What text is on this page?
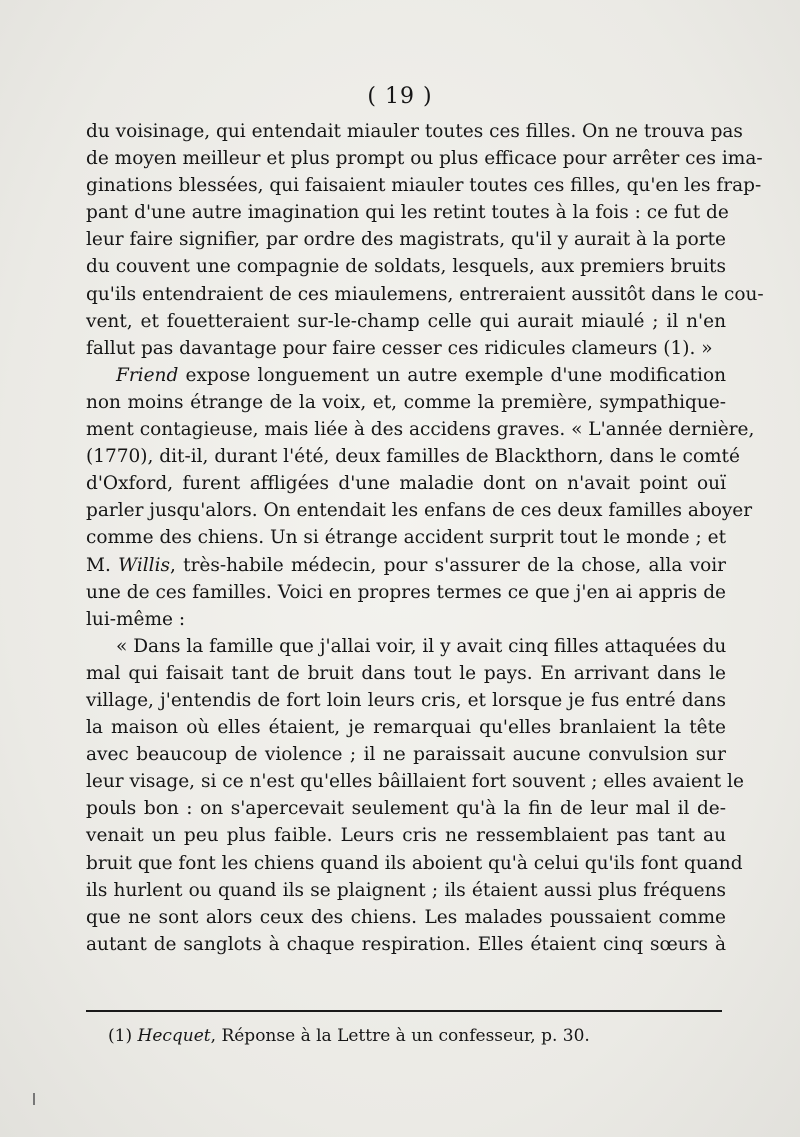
( 19 )
du voisinage, qui entendait miauler toutes ces filles. On ne trouva pas
de moyen meilleur et plus prompt ou plus efficace pour arrêter ces ima-
ginations blessées, qui faisaient miauler toutes ces filles, qu'en les frap-
pant d'une autre imagination qui les retint toutes à la fois : ce fut de
leur faire signifier, par ordre des magistrats, qu'il y aurait à la porte
du couvent une compagnie de soldats, lesquels, aux premiers bruits
qu'ils entendraient de ces miaulemens, entreraient aussitôt dans le cou-
vent, et fouetteraient sur-le-champ celle qui aurait miaulé ; il n'en
fallut pas davantage pour faire cesser ces ridicules clameurs (1). »
Friend expose longuement un autre exemple d'une modification
non moins étrange de la voix, et, comme la première, sympathique-
ment contagieuse, mais liée à des accidens graves. « L'année dernière,
(1770), dit-il, durant l'été, deux familles de Blackthorn, dans le comté
d'Oxford, furent affligées d'une maladie dont on n'avait point ouï
parler jusqu'alors. On entendait les enfans de ces deux familles aboyer
comme des chiens. Un si étrange accident surprit tout le monde ; et
M. Willis, très-habile médecin, pour s'assurer de la chose, alla voir
une de ces familles. Voici en propres termes ce que j'en ai appris de
lui-même :
« Dans la famille que j'allai voir, il y avait cinq filles attaquées du
mal qui faisait tant de bruit dans tout le pays. En arrivant dans le
village, j'entendis de fort loin leurs cris, et lorsque je fus entré dans
la maison où elles étaient, je remarquai qu'elles branlaient la tête
avec beaucoup de violence ; il ne paraissait aucune convulsion sur
leur visage, si ce n'est qu'elles bâillaient fort souvent ; elles avaient le
pouls bon : on s'apercevait seulement qu'à la fin de leur mal il de-
venait un peu plus faible. Leurs cris ne ressemblaient pas tant au
bruit que font les chiens quand ils aboient qu'à celui qu'ils font quand
ils hurlent ou quand ils se plaignent ; ils étaient aussi plus fréquens
que ne sont alors ceux des chiens. Les malades poussaient comme
autant de sanglots à chaque respiration. Elles étaient cinq sœurs à
(1) Hecquet, Réponse à la Lettre à un confesseur, p. 30.
